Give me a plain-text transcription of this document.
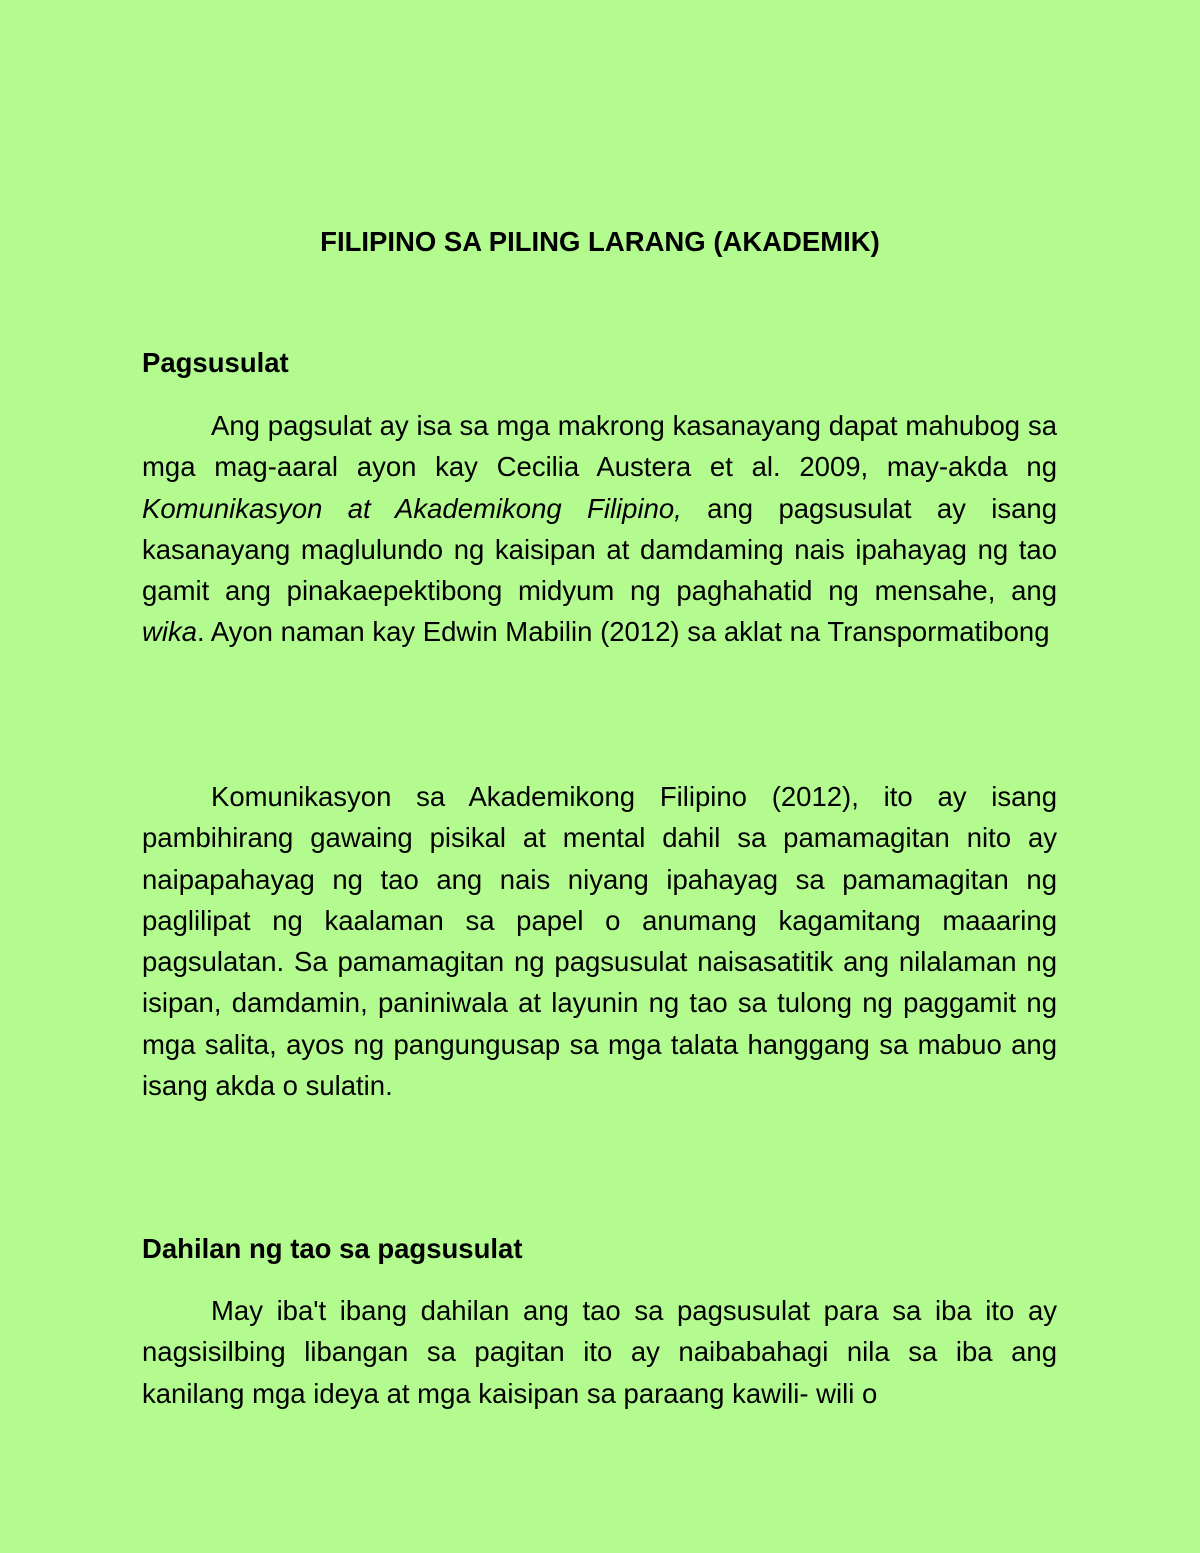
FILIPINO SA PILING LARANG (AKADEMIK)
Pagsusulat

Ang pagsulat ay isa sa mga makrong kasanayang dapat mahubog sa mga mag-aaral ayon kay Cecilia Austera et al. 2009, may-akda ng Komunikasyon at Akademikong Filipino, ang pagsusulat ay isang kasanayang maglulundo ng kaisipan at damdaming nais ipahayag ng tao gamit ang pinakaepektibong midyum ng paghahatid ng mensahe, ang wika. Ayon naman kay Edwin Mabilin (2012) sa aklat na Transpormatibong

Komunikasyon sa Akademikong Filipino (2012), ito ay isang pambihirang gawaing pisikal at mental dahil sa pamamagitan nito ay naipapahayag ng tao ang nais niyang ipahayag sa pamamagitan ng paglilipat ng kaalaman sa papel o anumang kagamitang maaaring pagsulatan. Sa pamamagitan ng pagsusulat naisasatitik ang nilalaman ng isipan, damdamin, paniniwala at layunin ng tao sa tulong ng paggamit ng mga salita, ayos ng pangungusap sa mga talata hanggang sa mabuo ang isang akda o sulatin.

Dahilan ng tao sa pagsusulat

May iba't ibang dahilan ang tao sa pagsusulat para sa iba ito ay nagsisilbing libangan sa pagitan ito ay naibabahagi nila sa iba ang kanilang mga ideya at mga kaisipan sa paraang kawili- wili o
